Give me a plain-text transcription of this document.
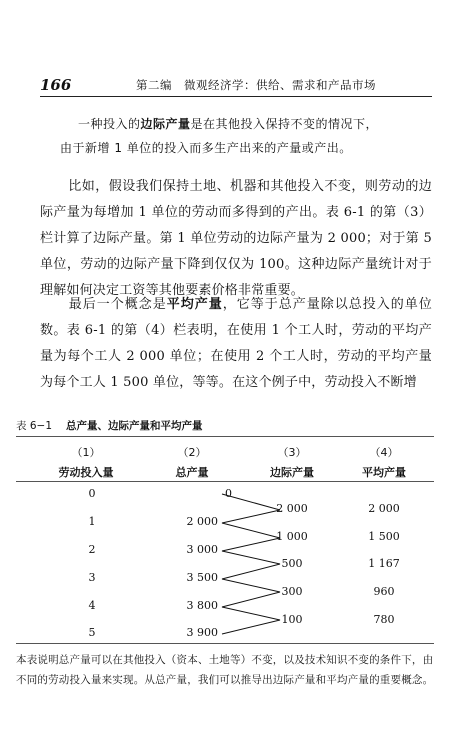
166	第二编　微观经济学：供给、需求和产品市场
一种投入的边际产量是在其他投入保持不变的情况下，
由于新增 1 单位的投入而多生产出来的产量或产出。
比如，假设我们保持土地、机器和其他投入不变，则劳动的边际产量为每增加 1 单位的劳动而多得到的产出。表 6-1 的第（3）栏计算了边际产量。第 1 单位劳动的边际产量为 2 000；对于第 5 单位，劳动的边际产量下降到仅仅为 100。这种边际产量统计对于理解如何决定工资等其他要素价格非常重要。
最后一个概念是平均产量，它等于总产量除以总投入的单位数。表 6-1 的第（4）栏表明，在使用 1 个工人时，劳动的平均产量为每个工人 2 000 单位；在使用 2 个工人时，劳动的平均产量为每个工人 1 500 单位，等等。在这个例子中，劳动投入不断增
表 6−1 总产量、边际产量和平均产量
（1）
劳动投入量
（2）
总产量
（3）
边际产量
（4）
平均产量
0
1
2
3
4
5
0
2 000
3 000
3 500
3 800
3 900
2 000
1 000
500
300
100
2 000
1 500
1 167
960
780
本表说明总产量可以在其他投入（资本、土地等）不变，以及技术知识不变的条件下，由不同的劳动投入量来实现。从总产量，我们可以推导出边际产量和平均产量的重要概念。
